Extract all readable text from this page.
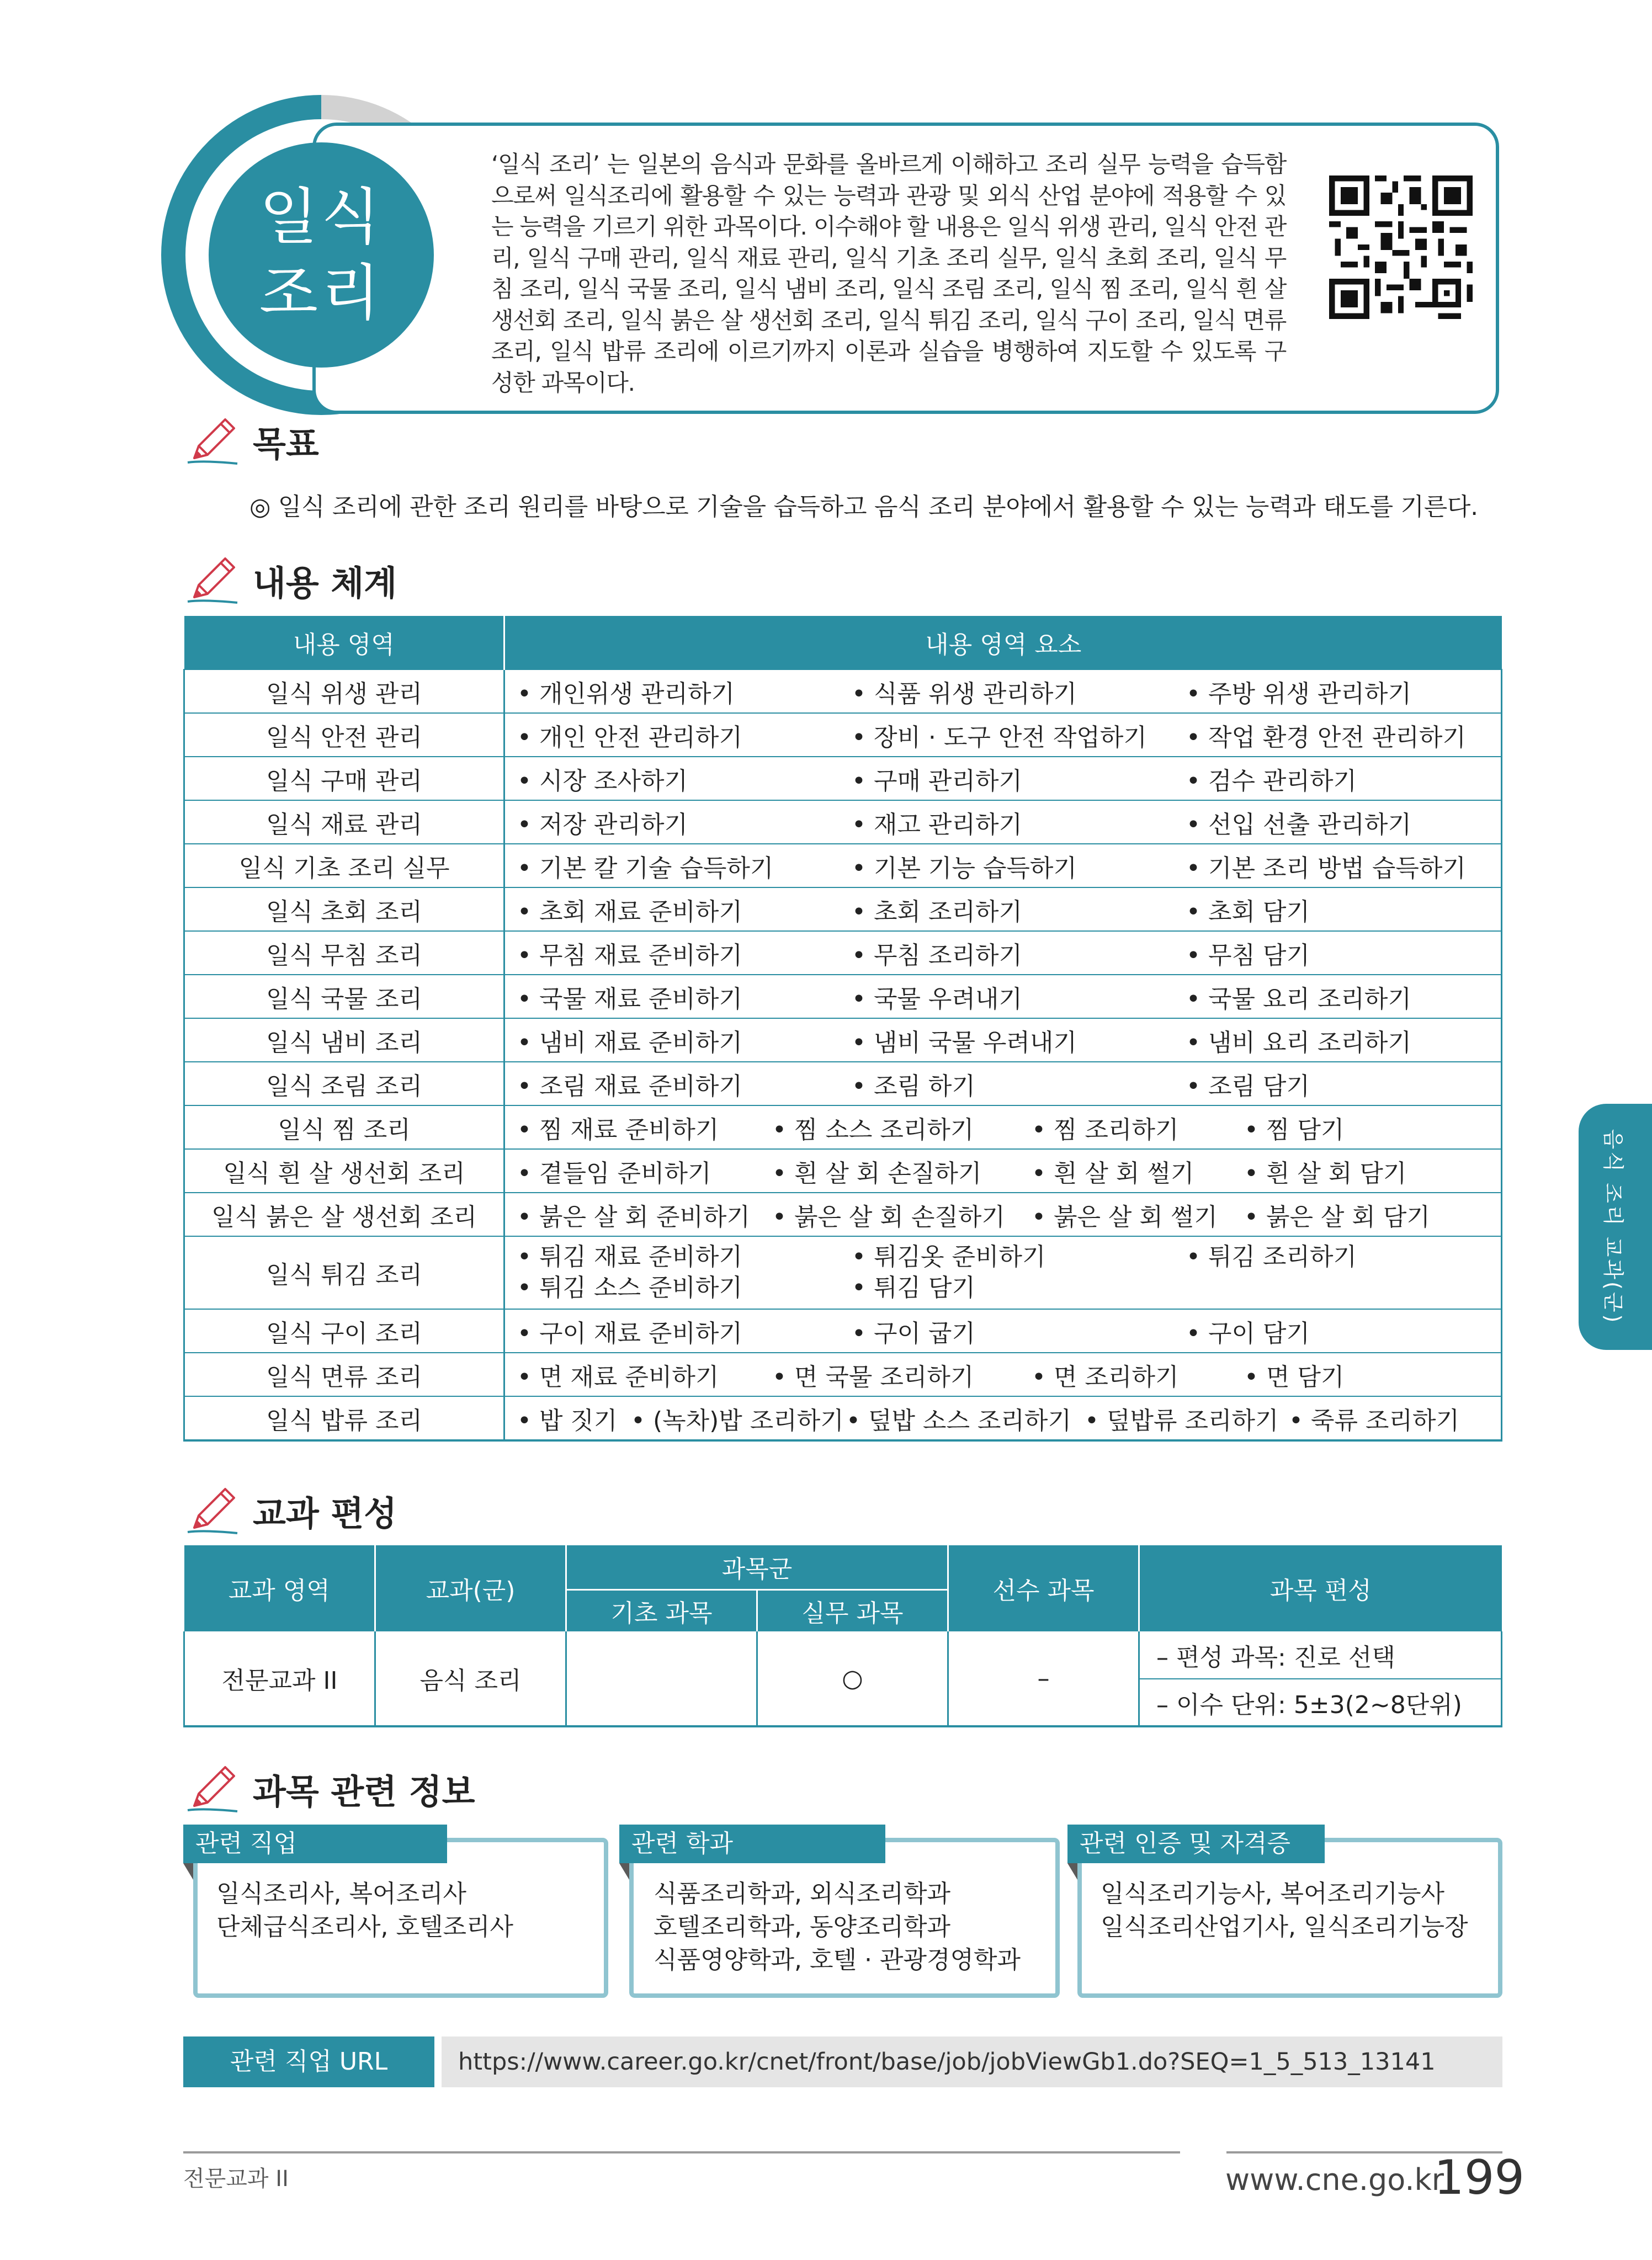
일식
조리
‘일식 조리’ 는 일본의 음식과 문화를 올바르게 이해하고 조리 실무 능력을 습득함으로써 일식조리에 활용할 수 있는 능력과 관광 및 외식 산업 분야에 적용할 수 있는 능력을 기르기 위한 과목이다. 이수해야 할 내용은 일식 위생 관리, 일식 안전 관리, 일식 구매 관리, 일식 재료 관리, 일식 기초 조리 실무, 일식 초회 조리, 일식 무침 조리, 일식 국물 조리, 일식 냄비 조리, 일식 조림 조리, 일식 찜 조리, 일식 흰 살 생선회 조리, 일식 붉은 살 생선회 조리, 일식 튀김 조리, 일식 구이 조리, 일식 면류 조리, 일식 밥류 조리에 이르기까지 이론과 실습을 병행하여 지도할 수 있도록 구성한 과목이다.
목표
◎ 일식 조리에 관한 조리 원리를 바탕으로 기술을 습득하고 음식 조리 분야에서 활용할 수 있는 능력과 태도를 기른다.
내용 체계
내용 영역	내용 영역 요소
일식 위생 관리	• 개인위생 관리하기 • 식품 위생 관리하기 • 주방 위생 관리하기

일식 안전 관리	• 개인 안전 관리하기 • 장비 · 도구 안전 작업하기 • 작업 환경 안전 관리하기

일식 구매 관리	• 시장 조사하기 • 구매 관리하기 • 검수 관리하기

일식 재료 관리	• 저장 관리하기 • 재고 관리하기 • 선입 선출 관리하기

일식 기초 조리 실무	• 기본 칼 기술 습득하기 • 기본 기능 습득하기 • 기본 조리 방법 습득하기

일식 초회 조리	• 초회 재료 준비하기 • 초회 조리하기 • 초회 담기

일식 무침 조리	• 무침 재료 준비하기 • 무침 조리하기 • 무침 담기

일식 국물 조리	• 국물 재료 준비하기 • 국물 우려내기 • 국물 요리 조리하기

일식 냄비 조리	• 냄비 재료 준비하기 • 냄비 국물 우려내기 • 냄비 요리 조리하기

일식 조림 조리	• 조림 재료 준비하기 • 조림 하기 • 조림 담기

일식 찜 조리	• 찜 재료 준비하기 • 찜 소스 조리하기 • 찜 조리하기 • 찜 담기

일식 흰 살 생선회 조리	• 곁들임 준비하기 • 흰 살 회 손질하기 • 흰 살 회 썰기 • 흰 살 회 담기

일식 붉은 살 생선회 조리	• 붉은 살 회 준비하기 • 붉은 살 회 손질하기 • 붉은 살 회 썰기 • 붉은 살 회 담기

일식 튀김 조리	• 튀김 재료 준비하기 • 튀김옷 준비하기 • 튀김 조리하기
• 튀김 소스 준비하기 • 튀김 담기

일식 구이 조리	• 구이 재료 준비하기 • 구이 굽기 • 구이 담기

일식 면류 조리	• 면 재료 준비하기 • 면 국물 조리하기 • 면 조리하기 • 면 담기

일식 밥류 조리	• 밥 짓기 • (녹차)밥 조리하기 • 덮밥 소스 조리하기 • 덮밥류 조리하기 • 죽류 조리하기
교과 편성
교과 영역	교과(군)	과목군		선수 과목	과목 편성
		기초 과목	실무 과목		
전문교과 II	음식 조리		○	–	– 편성 과목: 진로 선택
					– 이수 단위: 5±3(2~8단위)
과목 관련 정보
관련 직업
일식조리사, 복어조리사
단체급식조리사, 호텔조리사
관련 학과
식품조리학과, 외식조리학과
호텔조리학과, 동양조리학과
식품영양학과, 호텔 · 관광경영학과
관련 인증 및 자격증
일식조리기능사, 복어조리기능사
일식조리산업기사, 일식조리기능장
관련 직업 URL	https://www.career.go.kr/cnet/front/base/job/jobViewGb1.do?SEQ=1_5_513_13141
음식 조리 교과(군)
전문교과 II	www.cne.go.kr
199
